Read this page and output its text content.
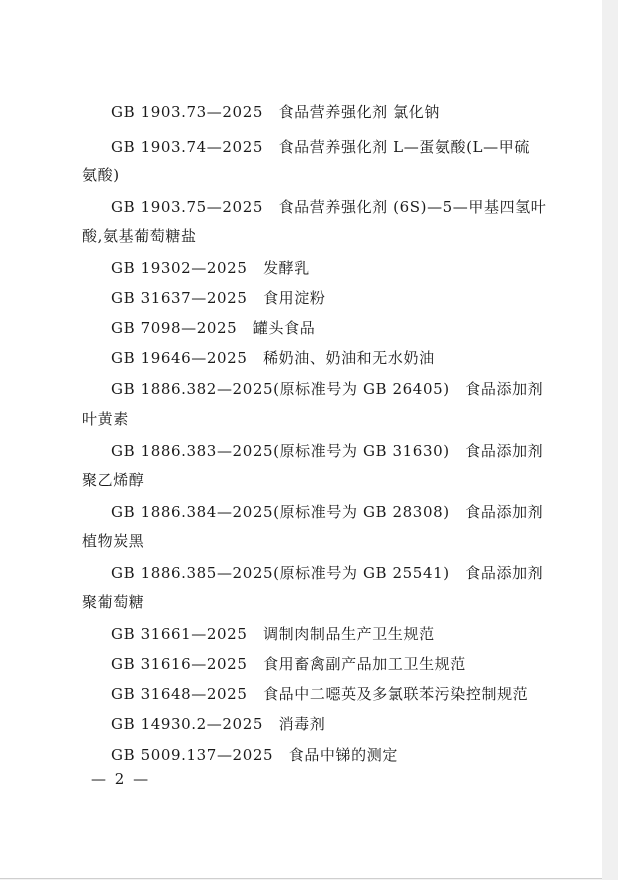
GB 1903.73—2025　食品营养强化剂 氯化钠
GB 1903.74—2025　食品营养强化剂 L—蛋氨酸(L—甲硫
氨酸)
GB 1903.75—2025　食品营养强化剂 (6S)—5—甲基四氢叶
酸,氨基葡萄糖盐
GB 19302—2025　发酵乳
GB 31637—2025　食用淀粉
GB 7098—2025　罐头食品
GB 19646—2025　稀奶油、奶油和无水奶油
GB 1886.382—2025(原标准号为 GB 26405)　食品添加剂
叶黄素
GB 1886.383—2025(原标准号为 GB 31630)　食品添加剂
聚乙烯醇
GB 1886.384—2025(原标准号为 GB 28308)　食品添加剂
植物炭黑
GB 1886.385—2025(原标准号为 GB 25541)　食品添加剂
聚葡萄糖
GB 31661—2025　调制肉制品生产卫生规范
GB 31616—2025　食用畜禽副产品加工卫生规范
GB 31648—2025　食品中二噁英及多氯联苯污染控制规范
GB 14930.2—2025　消毒剂
GB 5009.137—2025　食品中锑的测定
— 2 —
